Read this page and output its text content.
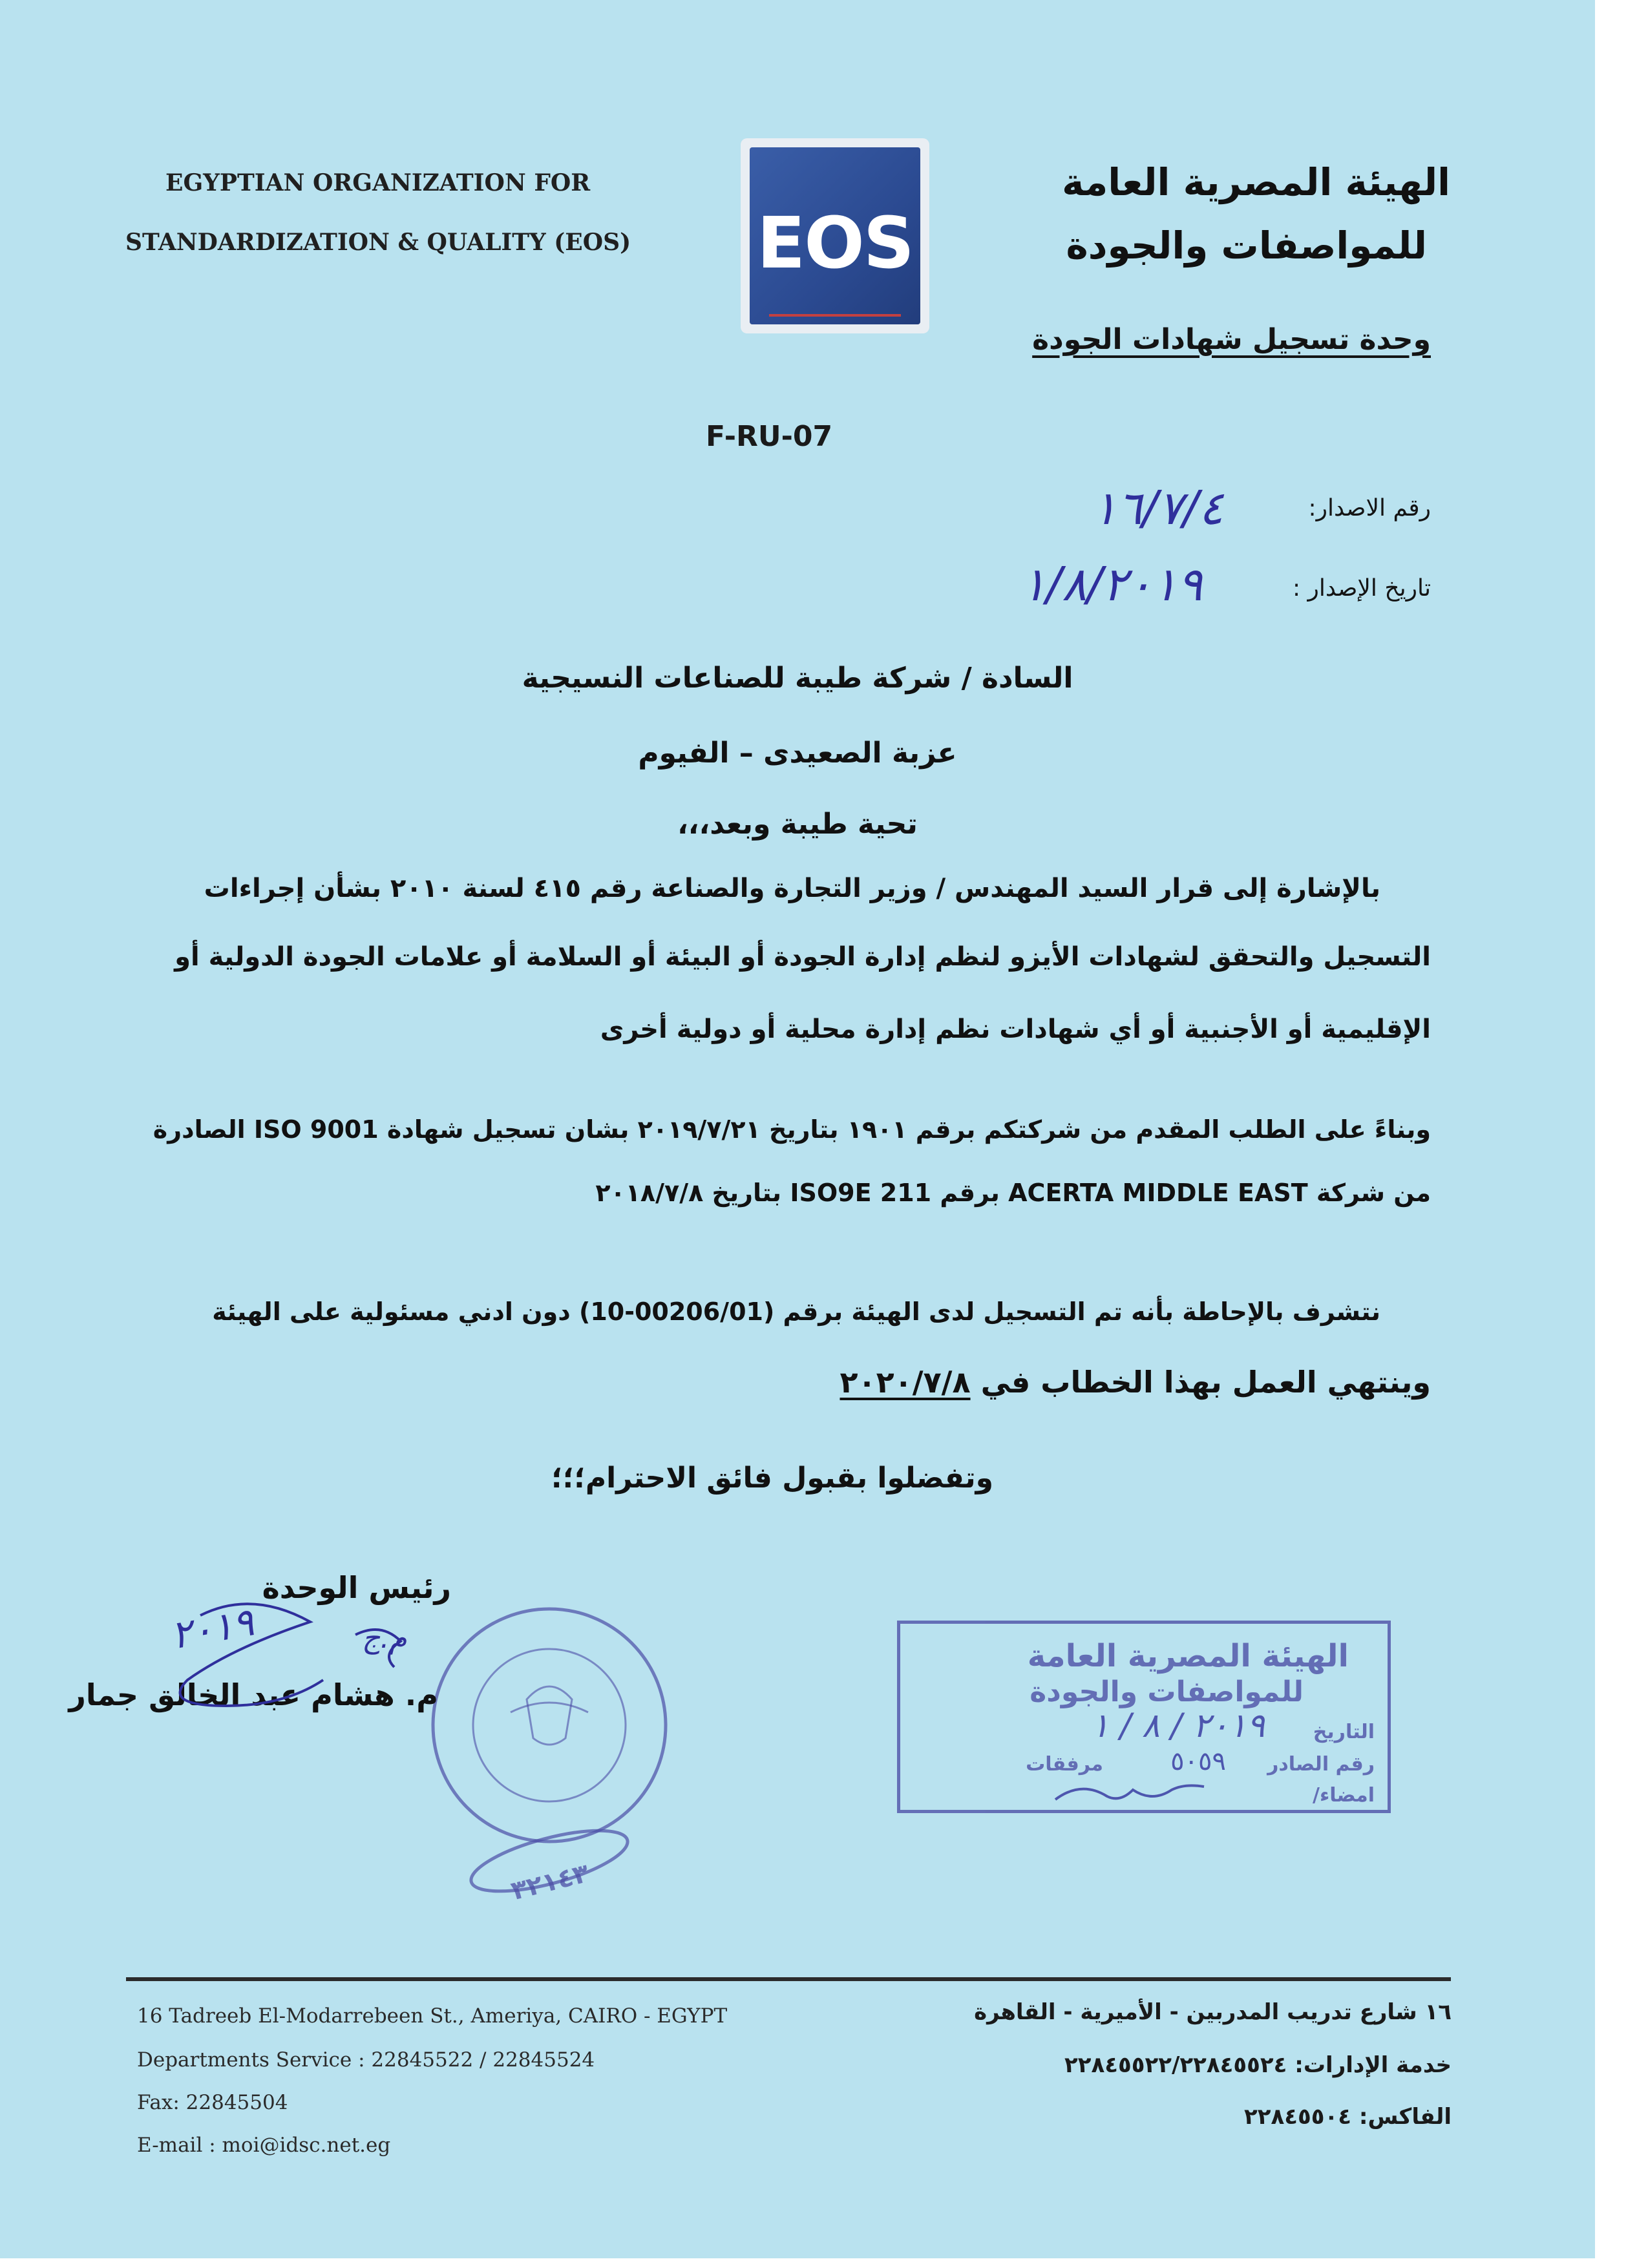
EGYPTIAN ORGANIZATION FOR
STANDARDIZATION & QUALITY (EOS) EOS
الهيئة المصرية العامة
للمواصفات والجودة
وحدة تسجيل شهادات الجودة
F-RU-07
رقم الاصدار:
١٦/٧/٤
تاريخ الإصدار :
١/٨/٢٠١٩
السادة / شركة طيبة للصناعات النسيجية
عزبة الصعيدى – الفيوم
تحية طيبة وبعد،،،
بالإشارة إلى قرار السيد المهندس / وزير التجارة والصناعة رقم ٤١٥ لسنة ٢٠١٠ بشأن إجراءات
التسجيل والتحقق لشهادات الأيزو لنظم إدارة الجودة أو البيئة أو السلامة أو علامات الجودة الدولية أو
الإقليمية أو الأجنبية أو أي شهادات نظم إدارة محلية أو دولية أخرى
وبناءً على الطلب المقدم من شركتكم برقم ١٩٠١ بتاريخ ٢٠١٩/٧/٢١ بشان تسجيل شهادة ISO 9001 الصادرة
من شركة ACERTA MIDDLE EAST برقم 211 ISO9E بتاريخ ٢٠١٨/٧/٨
نتشرف بالإحاطة بأنه تم التسجيل لدى الهيئة برقم (00206/01-10) دون ادني مسئولية على الهيئة
وينتهي العمل بهذا الخطاب في ٢٠٢٠/٧/٨
وتفضلوا بقبول فائق الاحترام؛؛؛
٣٢١٤٣
رئيس الوحدة
م. هشام عبد الخالق جمار
٢٠١٩	م.ج	الهيئة المصرية العامة
للمواصفات والجودة
التاريخ
٢٠١٩ / ٨ / ١
رقم الصادر
٥٠٥٩
مرفقات
امضاء/
16 Tadreeb El-Modarrebeen St., Ameriya, CAIRO - EGYPT
Departments Service : 22845522 / 22845524
Fax: 22845504
E-mail : moi@idsc.net.eg
١٦ شارع تدريب المدربين - الأميرية - القاهرة
خدمة الإدارات: ٢٢٨٤٥٥٢٢/٢٢٨٤٥٥٢٤
الفاكس: ٢٢٨٤٥٥٠٤
